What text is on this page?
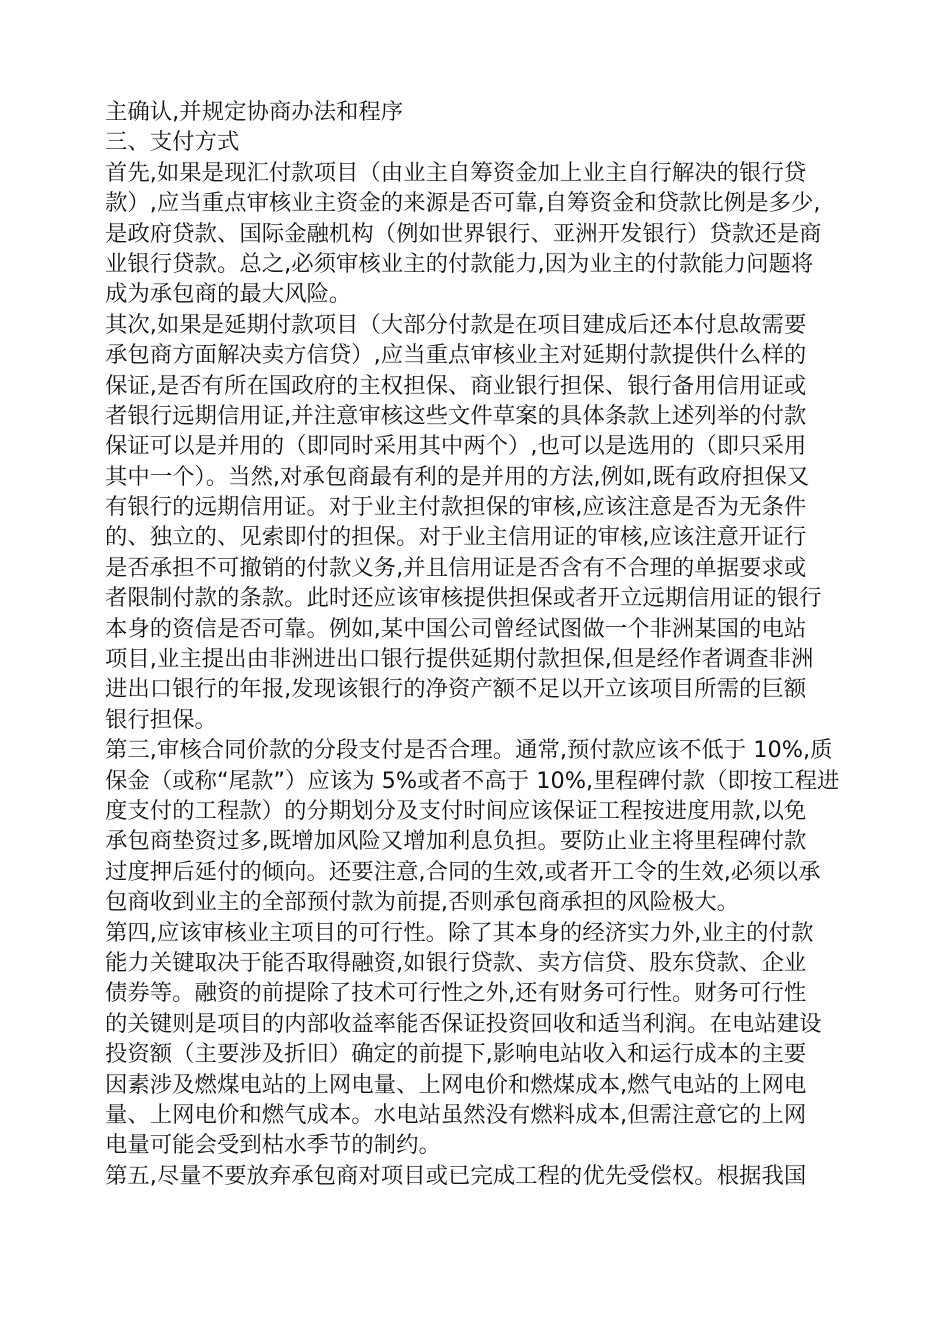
主确认,并规定协商办法和程序
三、支付方式
首先,如果是现汇付款项目（由业主自筹资金加上业主自行解决的银行贷
款）,应当重点审核业主资金的来源是否可靠,自筹资金和贷款比例是多少,
是政府贷款、国际金融机构（例如世界银行、亚洲开发银行）贷款还是商
业银行贷款。总之,必须审核业主的付款能力,因为业主的付款能力问题将
成为承包商的最大风险。
其次,如果是延期付款项目（大部分付款是在项目建成后还本付息故需要
承包商方面解决卖方信贷）,应当重点审核业主对延期付款提供什么样的
保证,是否有所在国政府的主权担保、商业银行担保、银行备用信用证或
者银行远期信用证,并注意审核这些文件草案的具体条款上述列举的付款
保证可以是并用的（即同时采用其中两个）,也可以是选用的（即只采用
其中一个）。当然,对承包商最有利的是并用的方法,例如,既有政府担保又
有银行的远期信用证。对于业主付款担保的审核,应该注意是否为无条件
的、独立的、见索即付的担保。对于业主信用证的审核,应该注意开证行
是否承担不可撤销的付款义务,并且信用证是否含有不合理的单据要求或
者限制付款的条款。此时还应该审核提供担保或者开立远期信用证的银行
本身的资信是否可靠。例如,某中国公司曾经试图做一个非洲某国的电站
项目,业主提出由非洲进出口银行提供延期付款担保,但是经作者调查非洲
进出口银行的年报,发现该银行的净资产额不足以开立该项目所需的巨额
银行担保。
第三,审核合同价款的分段支付是否合理。通常,预付款应该不低于 10%,质
保金（或称“尾款”）应该为 5%或者不高于 10%,里程碑付款（即按工程进
度支付的工程款）的分期划分及支付时间应该保证工程按进度用款,以免
承包商垫资过多,既增加风险又增加利息负担。要防止业主将里程碑付款
过度押后延付的倾向。还要注意,合同的生效,或者开工令的生效,必须以承
包商收到业主的全部预付款为前提,否则承包商承担的风险极大。
第四,应该审核业主项目的可行性。除了其本身的经济实力外,业主的付款
能力关键取决于能否取得融资,如银行贷款、卖方信贷、股东贷款、企业
债券等。融资的前提除了技术可行性之外,还有财务可行性。财务可行性
的关键则是项目的内部收益率能否保证投资回收和适当利润。在电站建设
投资额（主要涉及折旧）确定的前提下,影响电站收入和运行成本的主要
因素涉及燃煤电站的上网电量、上网电价和燃煤成本,燃气电站的上网电
量、上网电价和燃气成本。水电站虽然没有燃料成本,但需注意它的上网
电量可能会受到枯水季节的制约。
第五,尽量不要放弃承包商对项目或已完成工程的优先受偿权。根据我国
